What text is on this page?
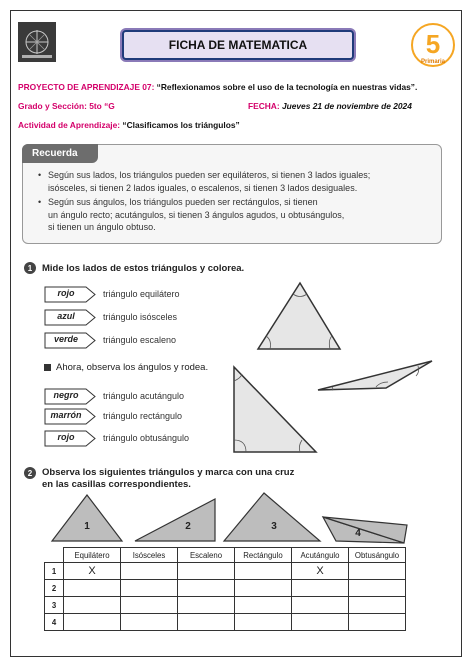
5
Primaria
FICHA DE MATEMATICA
PROYECTO DE APRENDIZAJE 07: “Reflexionamos sobre el uso de la tecnología en nuestras vidas”.
Grado y Sección: 5to “G	FECHA: Jueves 21 de noviembre de 2024
Actividad de Aprendizaje: “Clasificamos los triángulos”
Recuerda
• Según sus lados, los triángulos pueden ser equiláteros, si tienen 3 lados iguales;
isósceles, si tienen 2 lados iguales, o escalenos, si tienen 3 lados desiguales.
• Según sus ángulos, los triángulos pueden ser rectángulos, si tienen
un ángulo recto; acutángulos, si tienen 3 ángulos agudos, u obtusángulos,
si tienen un ángulo obtuso.
1	Mide los lados de estos triángulos y colorea.
rojo	triángulo equilátero
azul	triángulo isósceles
verde	triángulo escaleno
Ahora, observa los ángulos y rodea.
negro	triángulo acutángulo
marrón	triángulo rectángulo
rojo	triángulo obtusángulo
2	Observa los siguientes triángulos y marca con una cruz
en las casillas correspondientes.
1	2	3
4
	Equilátero	Isósceles	Escaleno	Rectángulo	Acutángulo	Obtusángulo
1	X				X	
2						
3						
4						
